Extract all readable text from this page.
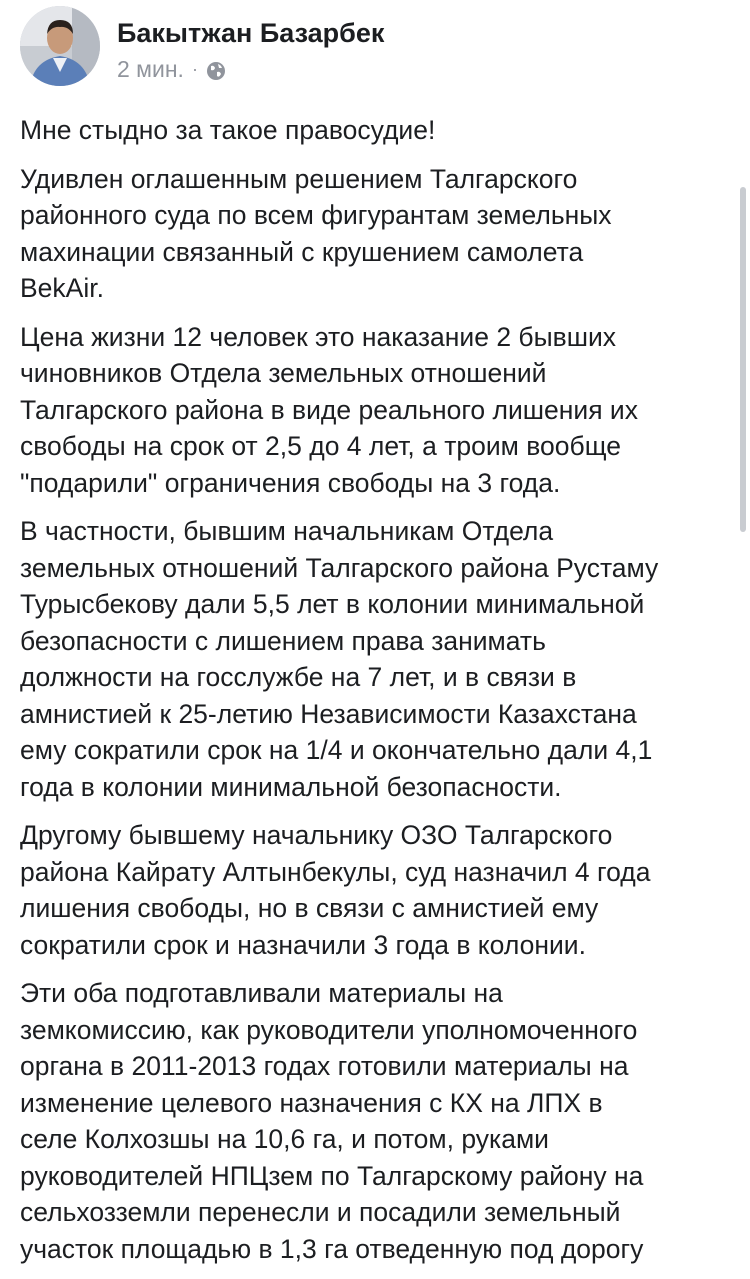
Бакытжан Базарбек
2 мин. ·

Мне стыдно за такое правосудие!

Удивлен оглашенным решением Талгарского
районного суда по всем фигурантам земельных
махинации связанный с крушением самолета
BekAir.

Цена жизни 12 человек это наказание 2 бывших
чиновников Отдела земельных отношений
Талгарского района в виде реального лишения их
свободы на срок от 2,5 до 4 лет, а троим вообще
"подарили" ограничения свободы на 3 года.

В частности, бывшим начальникам Отдела
земельных отношений Талгарского района Рустаму
Турысбекову дали 5,5 лет в колонии минимальной
безопасности с лишением права занимать
должности на госслужбе на 7 лет, и в связи в
амнистией к 25-летию Независимости Казахстана
ему сократили срок на 1/4 и окончательно дали 4,1
года в колонии минимальной безопасности.

Другому бывшему начальнику ОЗО Талгарского
района Кайрату Алтынбекулы, суд назначил 4 года
лишения свободы, но в связи с амнистией ему
сократили срок и назначили 3 года в колонии.

Эти оба подготавливали материалы на
земкомиссию, как руководители уполномоченного
органа в 2011-2013 годах готовили материалы на
изменение целевого назначения с КХ на ЛПХ в
селе Колхозшы на 10,6 га, и потом, руками
руководителей НПЦзем по Талгарскому району на
сельхозземли перенесли и посадили земельный
участок площадью в 1,3 га отведенную под дорогу
